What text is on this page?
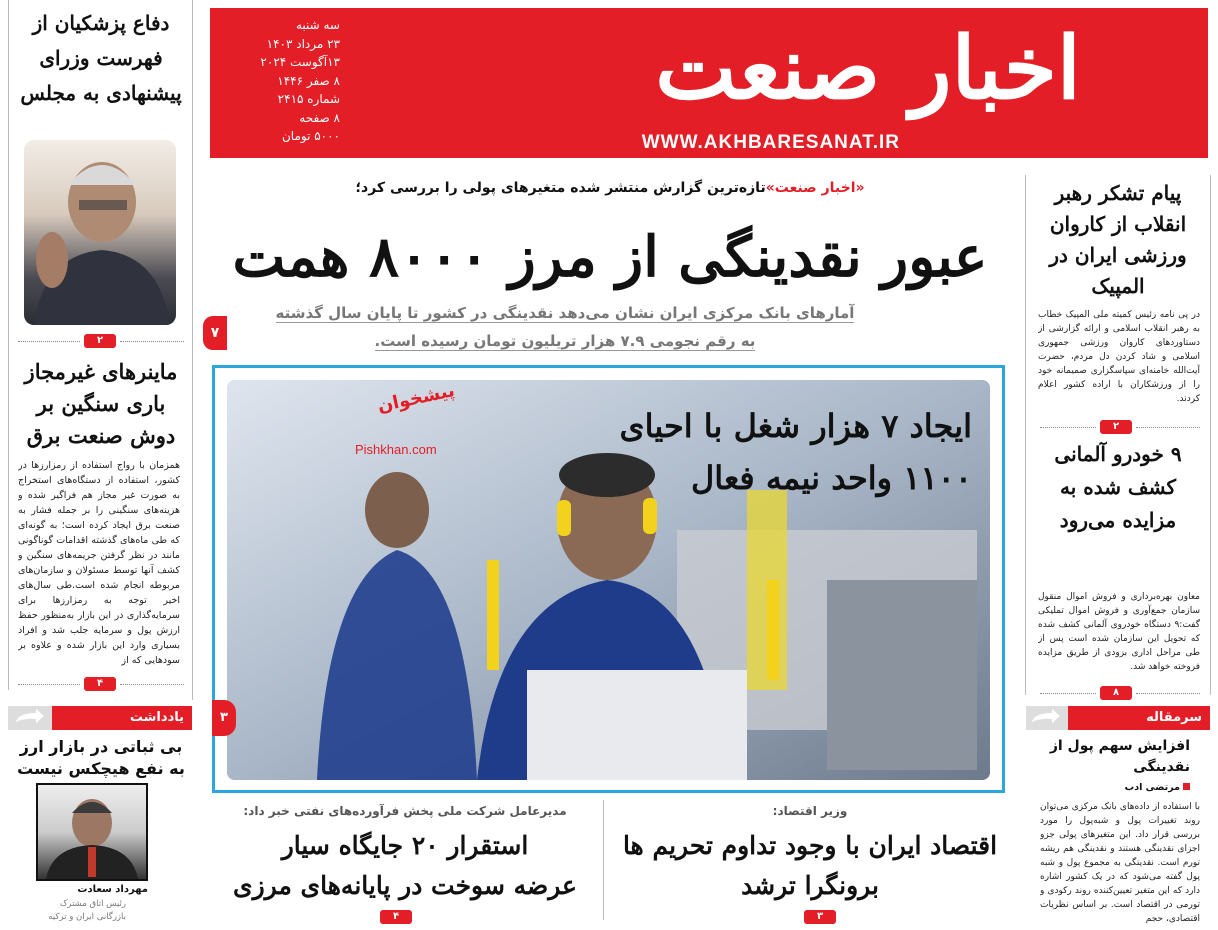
اخبار صنعت
WWW.AKHBARESANAT.IR
سه شنبه
۲۳ مرداد ۱۴۰۳
۱۳آگوست ۲۰۲۴
۸ صفر ۱۴۴۶
شماره ۲۴۱۵
۸ صفحه
۵۰۰۰ تومان
دفاع پزشکیان از فهرست وزرای پیشنهادی به مجلس
۲
ماینرهای غیرمجاز باری سنگین بر دوش صنعت برق
همزمان با رواج استفاده از رمزارزها در کشور، استفاده از دستگاه‌های استخراج به صورت غیر مجاز هم فراگیر شده و هزینه‌های سنگینی را بر جمله فشار به صنعت برق ایجاد کرده است؛ به گونه‌ای که طی ماه‌های گذشته اقدامات گوناگونی مانند در نظر گرفتن جریمه‌های سنگین و کشف آنها توسط مسئولان و سازمان‌های مربوطه انجام شده است.طی سال‌های اخیر توجه به رمزارزها برای سرمایه‌گذاری در این بازار به‌منظور حفظ ارزش پول و سرمایه جلب شد و افراد بسیاری وارد این بازار شده و علاوه بر سودهایی که از
۴
یادداشت
بی ثباتی در بازار ارز به نفع هیچکس نیست
مهرداد سعادت
رئیس اتاق مشترک بازرگانی ایران و ترکیه
«اخبار صنعت»تازه‌ترین گزارش منتشر شده متغیرهای پولی را بررسی کرد؛
عبور نقدینگی از مرز ۸۰۰۰ همت
۷
آمارهای بانک مرکزی ایران نشان می‌دهد نقدینگی در کشور تا پایان سال گذشته
به رقم نجومی ۷.۹ هزار تریلیون تومان رسیده است.
ایجاد ۷ هزار شغل با احیای
۱۱۰۰ واحد نیمه فعال
پیشخوان
Pishkhan.com
۳
مدیرعامل شرکت ملی پخش فرآورده‌های نفتی خبر داد:
استقرار ۲۰ جایگاه سیار
عرضه سوخت در پایانه‌های مرزی
۴
وزیر اقتصاد:
اقتصاد ایران با وجود تداوم تحریم ها
برونگرا ترشد
۳
پیام تشکر رهبر انقلاب از کاروان ورزشی ایران در المپیک
در پی نامه رئیس کمیته ملی المپیک خطاب به رهبر انقلاب اسلامی و ارائه گزارشی از دستاوردهای کاروان ورزشی جمهوری اسلامی و شاد کردن دل مردم، حضرت آیت‌الله خامنه‌ای سپاسگزاری صمیمانه خود را از ورزشکاران با اراده کشور اعلام کردند.
۲
۹ خودرو آلمانی کشف شده به مزایده می‌رود
معاون بهره‌برداری و فروش اموال منقول سازمان جمع‌آوری و فروش اموال تملیکی گفت:۹ دستگاه خودروی آلمانی کشف شده که تحویل این سازمان شده است پس از طی مراحل اداری بزودی از طریق مزایده فروخته خواهد شد.
۸
سرمقاله
افزایش سهم پول از نقدینگی
مرتضی ادب
با استفاده از داده‌های بانک مرکزی می‌توان روند تغییرات پول و شبه‌پول را مورد بررسی قرار داد. این متغیرهای پولی جزو اجزای نقدینگی هستند و نقدینگی هم ریشه تورم است. نقدینگی به مجموع پول و شبه پول گفته می‌شود که در یک کشور اشاره دارد که این متغیر تعیین‌کننده روند رکودی و تورمی در اقتصاد است. بر اساس نظریات اقتصادی، حجم
